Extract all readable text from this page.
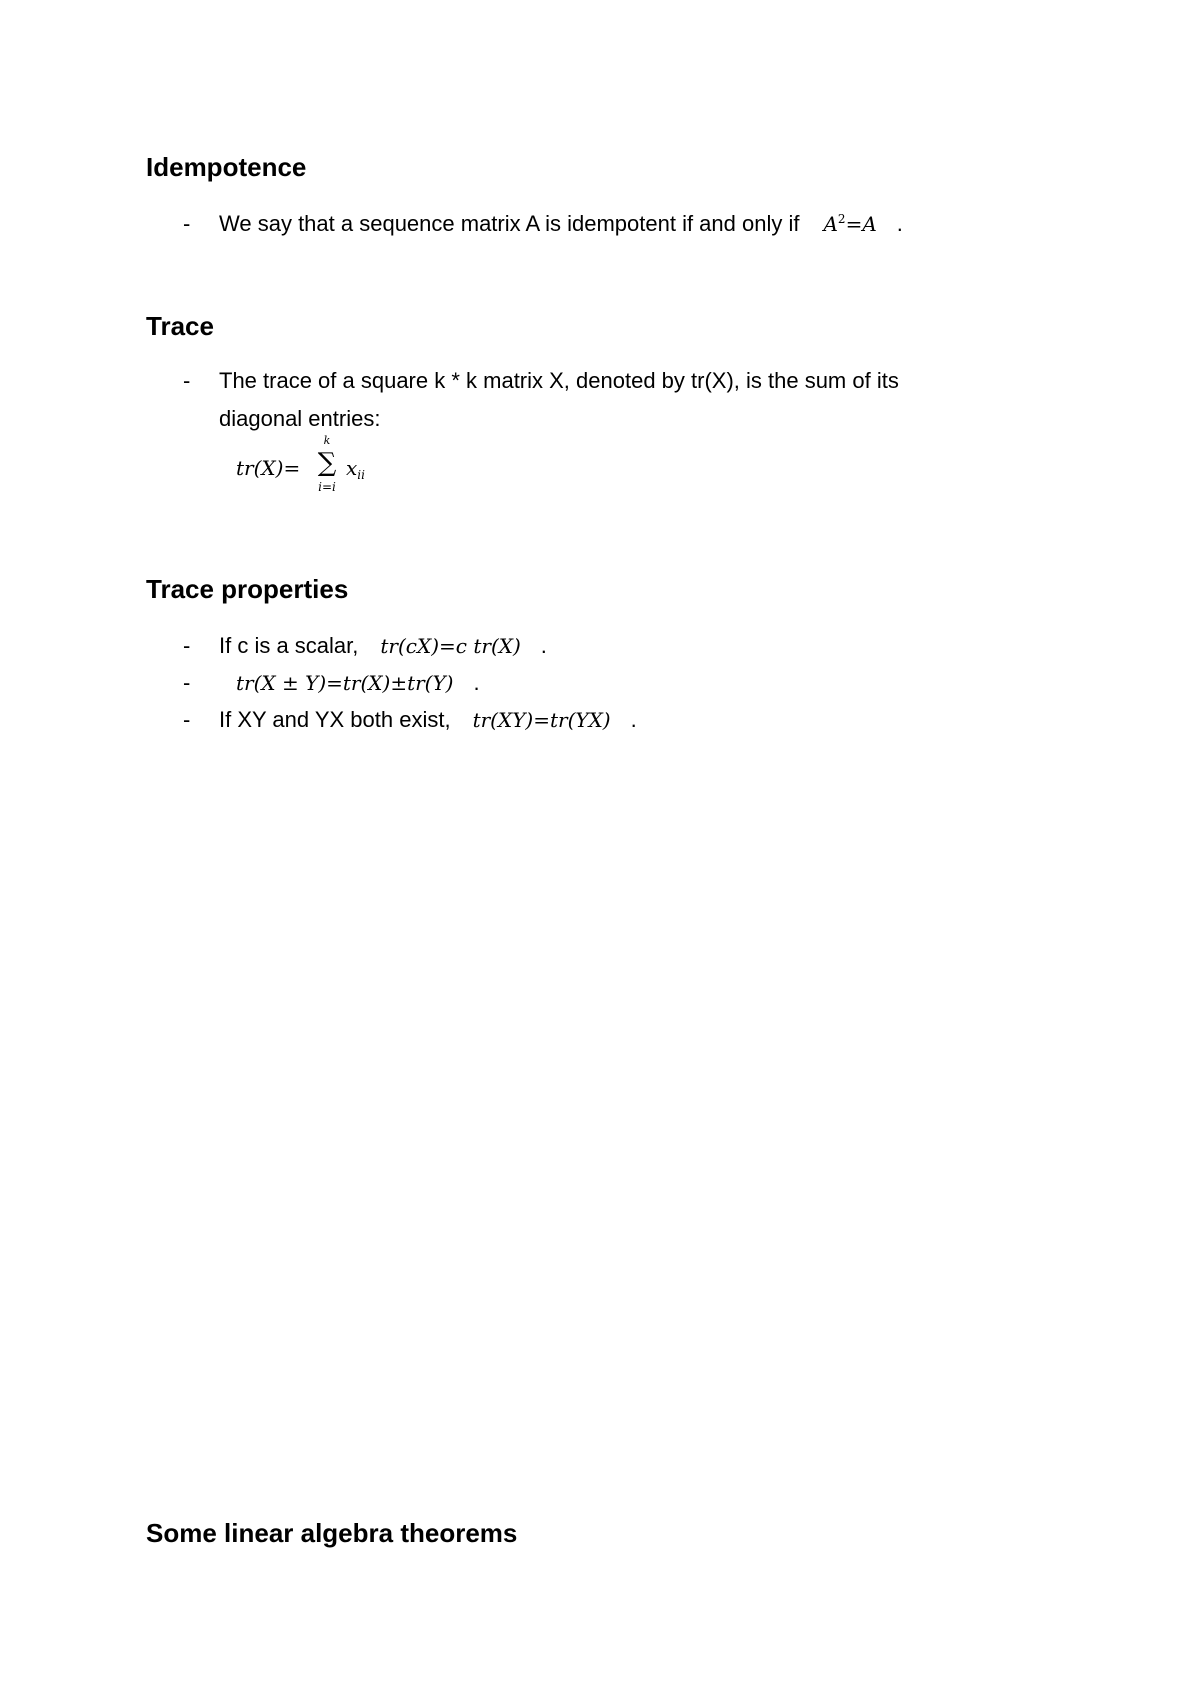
Idempotence
- We say that a sequence matrix A is idempotent if and only if $A^2=A$ .
Trace
- The trace of a square k * k matrix X, denoted by tr(X), is the sum of its
diagonal entries:
tr(X)=
k
∑
i=i
$x_{ii}$
Trace properties
- If c is a scalar, tr(cX)=c tr(X) .
-	tr(X ± Y)=tr(X)±tr(Y) .
- If XY and YX both exist, tr(XY)=tr(YX) .
Some linear algebra theorems
